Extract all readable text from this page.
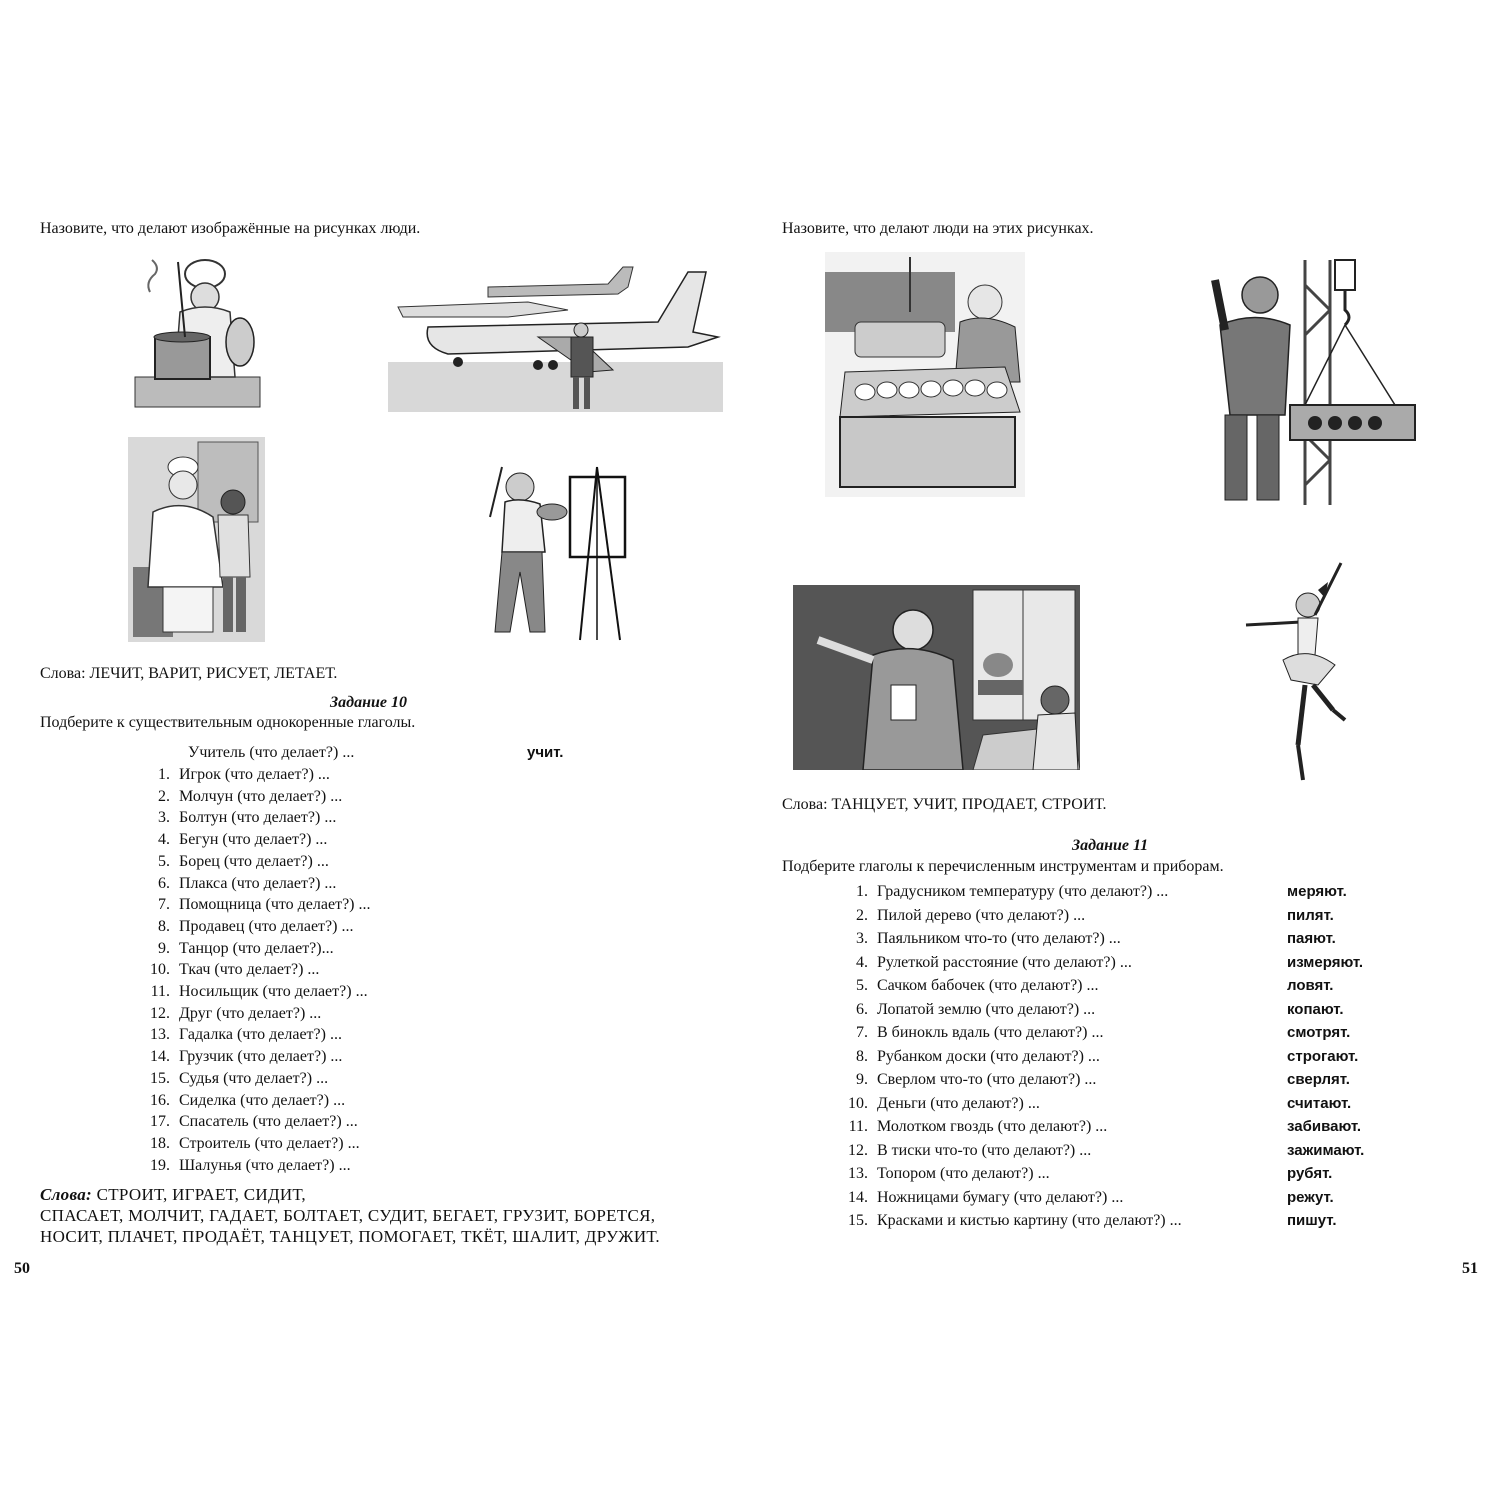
Назовите, что делают изображённые на рисунках люди.
Слова: ЛЕЧИТ, ВАРИТ, РИСУЕТ, ЛЕТАЕТ.
Задание 10
Подберите к существительным однокоренные глаголы.
Учитель (что делает?) ...	учит.
1. Игрок (что делает?) ...
2. Молчун (что делает?) ...
3. Болтун (что делает?) ...
4. Бегун (что делает?) ...
5. Борец (что делает?) ...
6. Плакса (что делает?) ...
7. Помощница (что делает?) ...
8. Продавец (что делает?) ...
9. Танцор (что делает?)...
10. Ткач (что делает?) ...
11. Носильщик (что делает?) ...
12. Друг (что делает?) ...
13. Гадалка (что делает?) ...
14. Грузчик (что делает?) ...
15. Судья (что делает?) ...
16. Сиделка (что делает?) ...
17. Спасатель (что делает?) ...
18. Строитель (что делает?) ...
19. Шалунья (что делает?) ...
Слова: СТРОИТ, ИГРАЕТ, СИДИТ,
СПАСАЕТ, МОЛЧИТ, ГАДАЕТ, БОЛТАЕТ, СУДИТ, БЕГАЕТ, ГРУЗИТ, БОРЕТСЯ,
НОСИТ, ПЛАЧЕТ, ПРОДАЁТ, ТАНЦУЕТ, ПОМОГАЕТ, ТКЁТ, ШАЛИТ, ДРУЖИТ.
50
Назовите, что делают люди на этих рисунках.
Слова: ТАНЦУЕТ, УЧИТ, ПРОДАЕТ, СТРОИТ.
Задание 11
Подберите глаголы к перечисленным инструментам и приборам.
1. Градусником температуру (что делают?) ...	меряют.
2. Пилой дерево (что делают?) ...	пилят.
3. Паяльником что-то (что делают?) ...	паяют.
4. Рулеткой расстояние (что делают?) ...	измеряют.
5. Сачком бабочек (что делают?) ...	ловят.
6. Лопатой землю (что делают?) ...	копают.
7. В бинокль вдаль (что делают?) ...	смотрят.
8. Рубанком доски (что делают?) ...	строгают.
9. Сверлом что-то (что делают?) ...	сверлят.
10. Деньги (что делают?) ...	считают.
11. Молотком гвоздь (что делают?) ...	забивают.
12. В тиски что-то (что делают?) ...	зажимают.
13. Топором (что делают?) ...	рубят.
14. Ножницами бумагу (что делают?) ...	режут.
15. Красками и кистью картину (что делают?) ...	пишут.
51
